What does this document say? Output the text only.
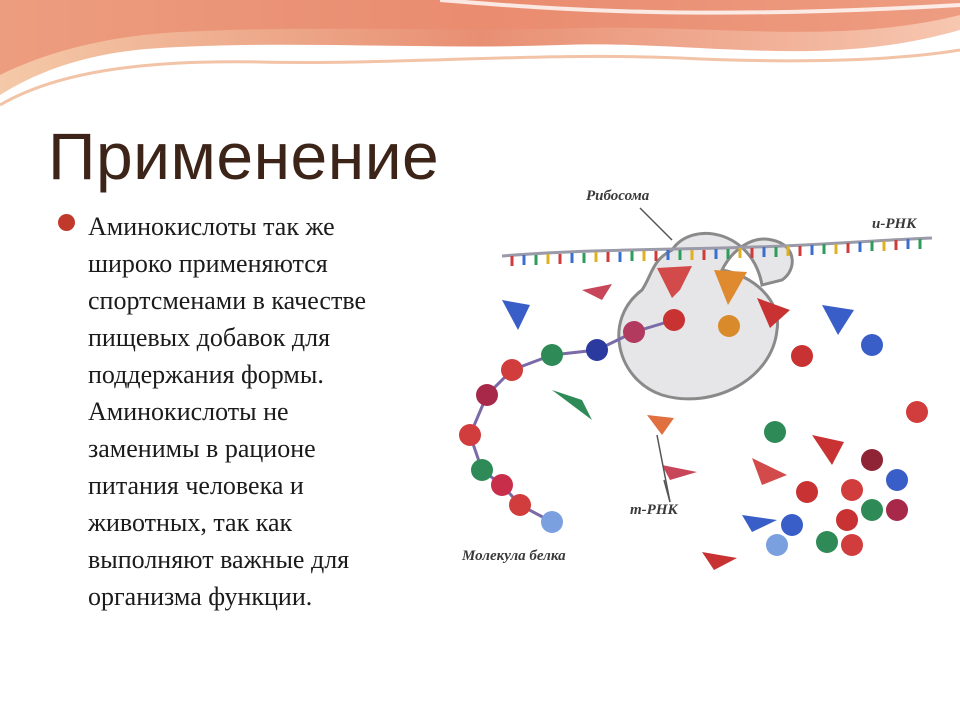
Применение

Аминокислоты так же
широко применяются
спортсменами в качестве
пищевых добавок для
поддержания формы.
Аминокислоты не
заменимы в рационе
питания человека и
животных, так как
выполняют важные для
организма функции.

Рибосома
и-РНК
т-РНК
Молекула белка
